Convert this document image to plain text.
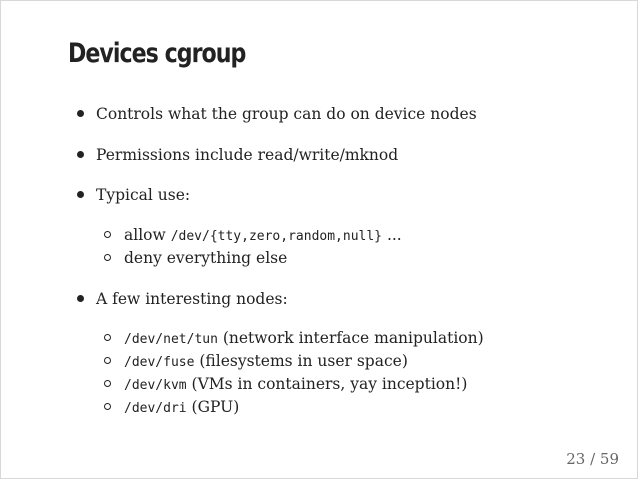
Devices cgroup
Controls what the group can do on device nodes
Permissions include read/write/mknod
Typical use:
allow /dev/{tty,zero,random,null} ...
deny everything else
A few interesting nodes:
/dev/net/tun (network interface manipulation)
/dev/fuse (filesystems in user space)
/dev/kvm (VMs in containers, yay inception!)
/dev/dri (GPU)
23 / 59
